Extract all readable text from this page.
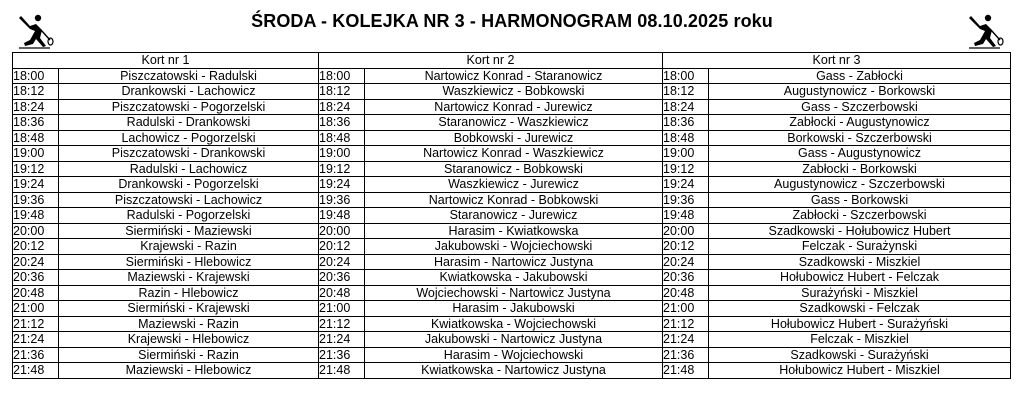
ŚRODA - KOLEJKA NR 3 - HARMONOGRAM 08.10.2025 roku
Kort nr 1		Kort nr 2		Kort nr 3	
18:00	Piszczatowski - Radulski	18:00	Nartowicz Konrad - Staranowicz	18:00	Gass - Zabłocki
18:12	Drankowski - Lachowicz	18:12	Waszkiewicz - Bobkowski	18:12	Augustynowicz - Borkowski
18:24	Piszczatowski - Pogorzelski	18:24	Nartowicz Konrad - Jurewicz	18:24	Gass - Szczerbowski
18:36	Radulski - Drankowski	18:36	Staranowicz - Waszkiewicz	18:36	Zabłocki - Augustynowicz
18:48	Lachowicz - Pogorzelski	18:48	Bobkowski - Jurewicz	18:48	Borkowski - Szczerbowski
19:00	Piszczatowski - Drankowski	19:00	Nartowicz Konrad - Waszkiewicz	19:00	Gass - Augustynowicz
19:12	Radulski - Lachowicz	19:12	Staranowicz - Bobkowski	19:12	Zabłocki - Borkowski
19:24	Drankowski - Pogorzelski	19:24	Waszkiewicz - Jurewicz	19:24	Augustynowicz - Szczerbowski
19:36	Piszczatowski - Lachowicz	19:36	Nartowicz Konrad - Bobkowski	19:36	Gass - Borkowski
19:48	Radulski - Pogorzelski	19:48	Staranowicz - Jurewicz	19:48	Zabłocki - Szczerbowski
20:00	Siermiński - Maziewski	20:00	Harasim - Kwiatkowska	20:00	Szadkowski - Hołubowicz Hubert
20:12	Krajewski - Razin	20:12	Jakubowski - Wojciechowski	20:12	Felczak - Surażynski
20:24	Siermiński - Hlebowicz	20:24	Harasim - Nartowicz Justyna	20:24	Szadkowski - Miszkiel
20:36	Maziewski - Krajewski	20:36	Kwiatkowska - Jakubowski	20:36	Hołubowicz Hubert - Felczak
20:48	Razin - Hlebowicz	20:48	Wojciechowski - Nartowicz Justyna	20:48	Surażyński - Miszkiel
21:00	Siermiński - Krajewski	21:00	Harasim - Jakubowski	21:00	Szadkowski - Felczak
21:12	Maziewski - Razin	21:12	Kwiatkowska - Wojciechowski	21:12	Hołubowicz Hubert - Surażyński
21:24	Krajewski - Hlebowicz	21:24	Jakubowski - Nartowicz Justyna	21:24	Felczak - Miszkiel
21:36	Siermiński - Razin	21:36	Harasim - Wojciechowski	21:36	Szadkowski - Surażyński
21:48	Maziewski - Hlebowicz	21:48	Kwiatkowska - Nartowicz Justyna	21:48	Hołubowicz Hubert - Miszkiel
